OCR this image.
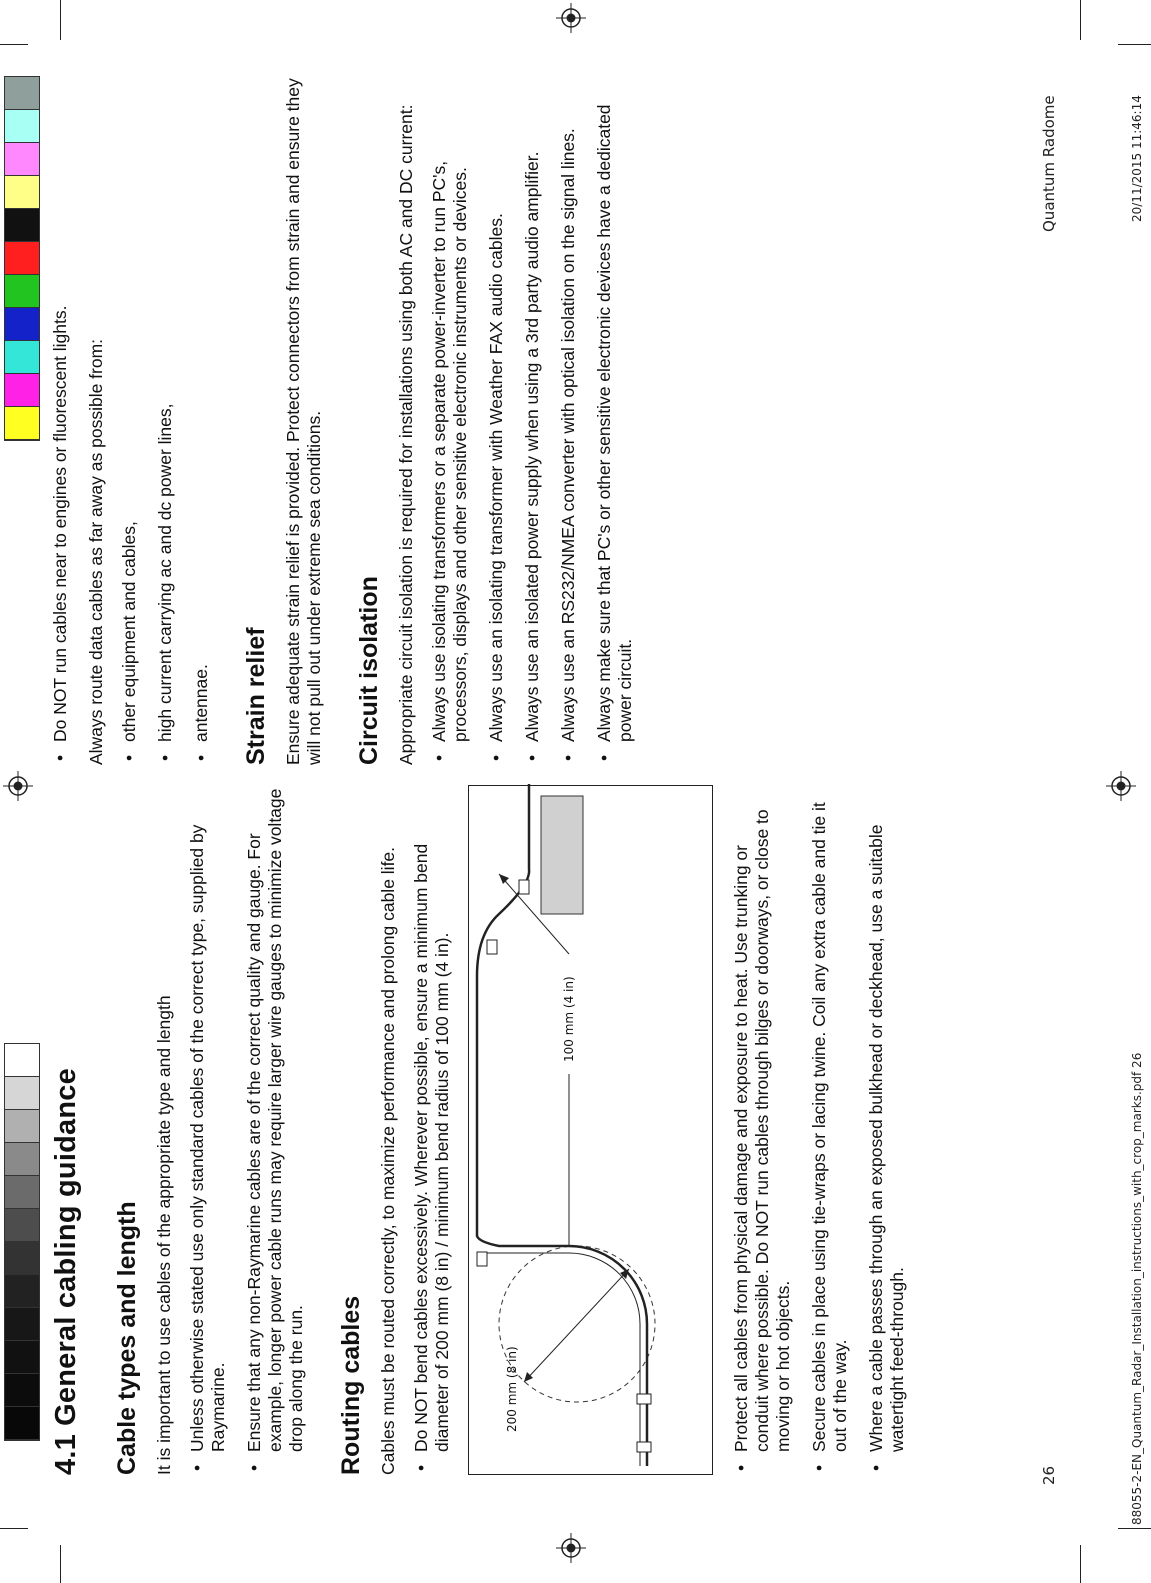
26
Quantum Radome
88055-2-EN_Quantum_Radar_Installation_instructions_with_crop_marks.pdf 26
20/11/2015 11:46:14
4.1 General cabling guidance Cable types and length It is important to use cables of the appropriate type and length • Unless otherwise stated use only standard cables of the correct type, supplied by Raymarine. • Ensure that any non-Raymarine cables are of the correct quality and gauge. For example, longer power cable runs may require larger wire gauges to minimize voltage drop along the run. Routing cables Cables must be routed correctly, to maximize performance and prolong cable life. • Do NOT bend cables excessively. Wherever possible, ensure a minimum bend diameter of 200 mm (8 in) / minimum bend radius of 100 mm (4 in).	200 mm (8 in)
100 mm (4 in)	• Protect all cables from physical damage and exposure to heat. Use trunking or conduit where possible. Do NOT run cables through bilges or doorways, or close to moving or hot objects. • Secure cables in place using tie-wraps or lacing twine. Coil any extra cable and tie it out of the way. • Where a cable passes through an exposed bulkhead or deckhead, use a suitable watertight feed-through.
• Do NOT run cables near to engines or fluorescent lights. Always route data cables as far away as possible from: • other equipment and cables, • high current carrying ac and dc power lines, • antennae. Strain relief Ensure adequate strain relief is provided. Protect connectors from strain and ensure they will not pull out under extreme sea conditions. Circuit isolation Appropriate circuit isolation is required for installations using both AC and DC current: • Always use isolating transformers or a separate power-inverter to run PC's, processors, displays and other sensitive electronic instruments or devices. • Always use an isolating transformer with Weather FAX audio cables. • Always use an isolated power supply when using a 3rd party audio amplifier. • Always use an RS232/NMEA converter with optical isolation on the signal lines. • Always make sure that PC's or other sensitive electronic devices have a dedicated power circuit.
